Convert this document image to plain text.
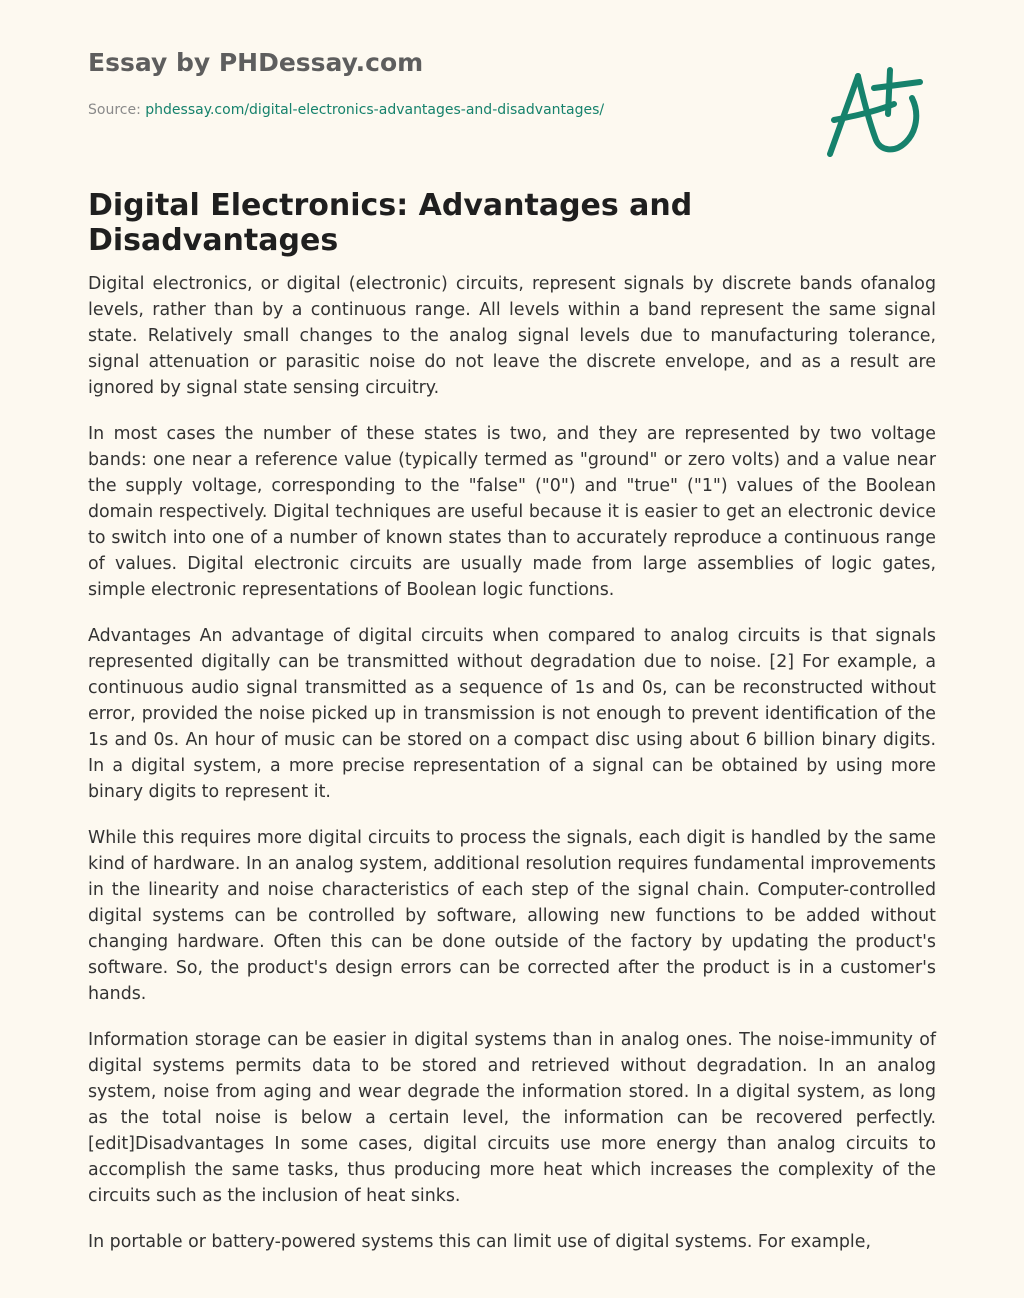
Essay by PHDessay.com
Source: phdessay.com/digital-electronics-advantages-and-disadvantages/
Digital Electronics: Advantages and Disadvantages

Digital electronics, or digital (electronic) circuits, represent signals by discrete bands ofanalog levels, rather than by a continuous range. All levels within a band represent the same signal state. Relatively small changes to the analog signal levels due to manufacturing tolerance, signal attenuation or parasitic noise do not leave the discrete envelope, and as a result are ignored by signal state sensing circuitry.

In most cases the number of these states is two, and they are represented by two voltage bands: one near a reference value (typically termed as "ground" or zero volts) and a value near the supply voltage, corresponding to the "false" ("0") and "true" ("1") values of the Boolean domain respectively. Digital techniques are useful because it is easier to get an electronic device to switch into one of a number of known states than to accurately reproduce a continuous range of values. Digital electronic circuits are usually made from large assemblies of logic gates, simple electronic representations of Boolean logic functions.

Advantages An advantage of digital circuits when compared to analog circuits is that signals represented digitally can be transmitted without degradation due to noise. [2] For example, a continuous audio signal transmitted as a sequence of 1s and 0s, can be reconstructed without error, provided the noise picked up in transmission is not enough to prevent identification of the 1s and 0s. An hour of music can be stored on a compact disc using about 6 billion binary digits. In a digital system, a more precise representation of a signal can be obtained by using more binary digits to represent it.

While this requires more digital circuits to process the signals, each digit is handled by the same kind of hardware. In an analog system, additional resolution requires fundamental improvements in the linearity and noise characteristics of each step of the signal chain. Computer-controlled digital systems can be controlled by software, allowing new functions to be added without changing hardware. Often this can be done outside of the factory by updating the product's software. So, the product's design errors can be corrected after the product is in a customer's hands.

Information storage can be easier in digital systems than in analog ones. The noise-immunity of digital systems permits data to be stored and retrieved without degradation. In an analog system, noise from aging and wear degrade the information stored. In a digital system, as long as the total noise is below a certain level, the information can be recovered perfectly. [edit]Disadvantages In some cases, digital circuits use more energy than analog circuits to accomplish the same tasks, thus producing more heat which increases the complexity of the circuits such as the inclusion of heat sinks.

In portable or battery-powered systems this can limit use of digital systems. For example,
